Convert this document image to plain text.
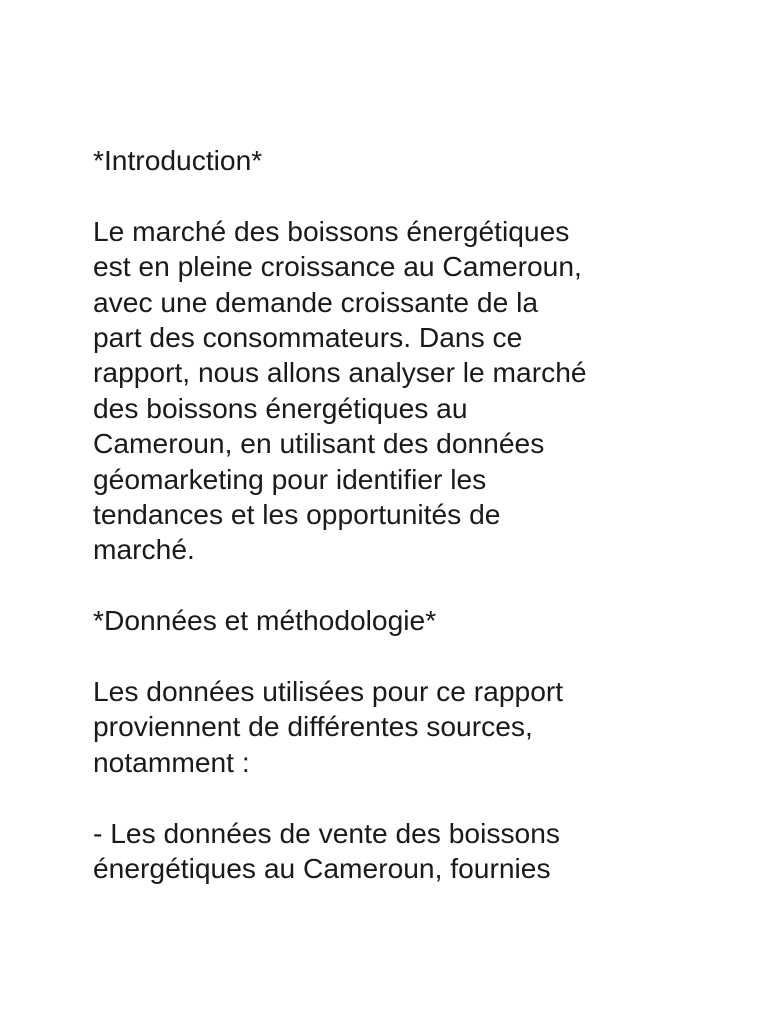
*Introduction*

Le marché des boissons énergétiques
est en pleine croissance au Cameroun,
avec une demande croissante de la
part des consommateurs. Dans ce
rapport, nous allons analyser le marché
des boissons énergétiques au
Cameroun, en utilisant des données
géomarketing pour identifier les
tendances et les opportunités de
marché.

*Données et méthodologie*

Les données utilisées pour ce rapport
proviennent de différentes sources,
notamment :

- Les données de vente des boissons
énergétiques au Cameroun, fournies
